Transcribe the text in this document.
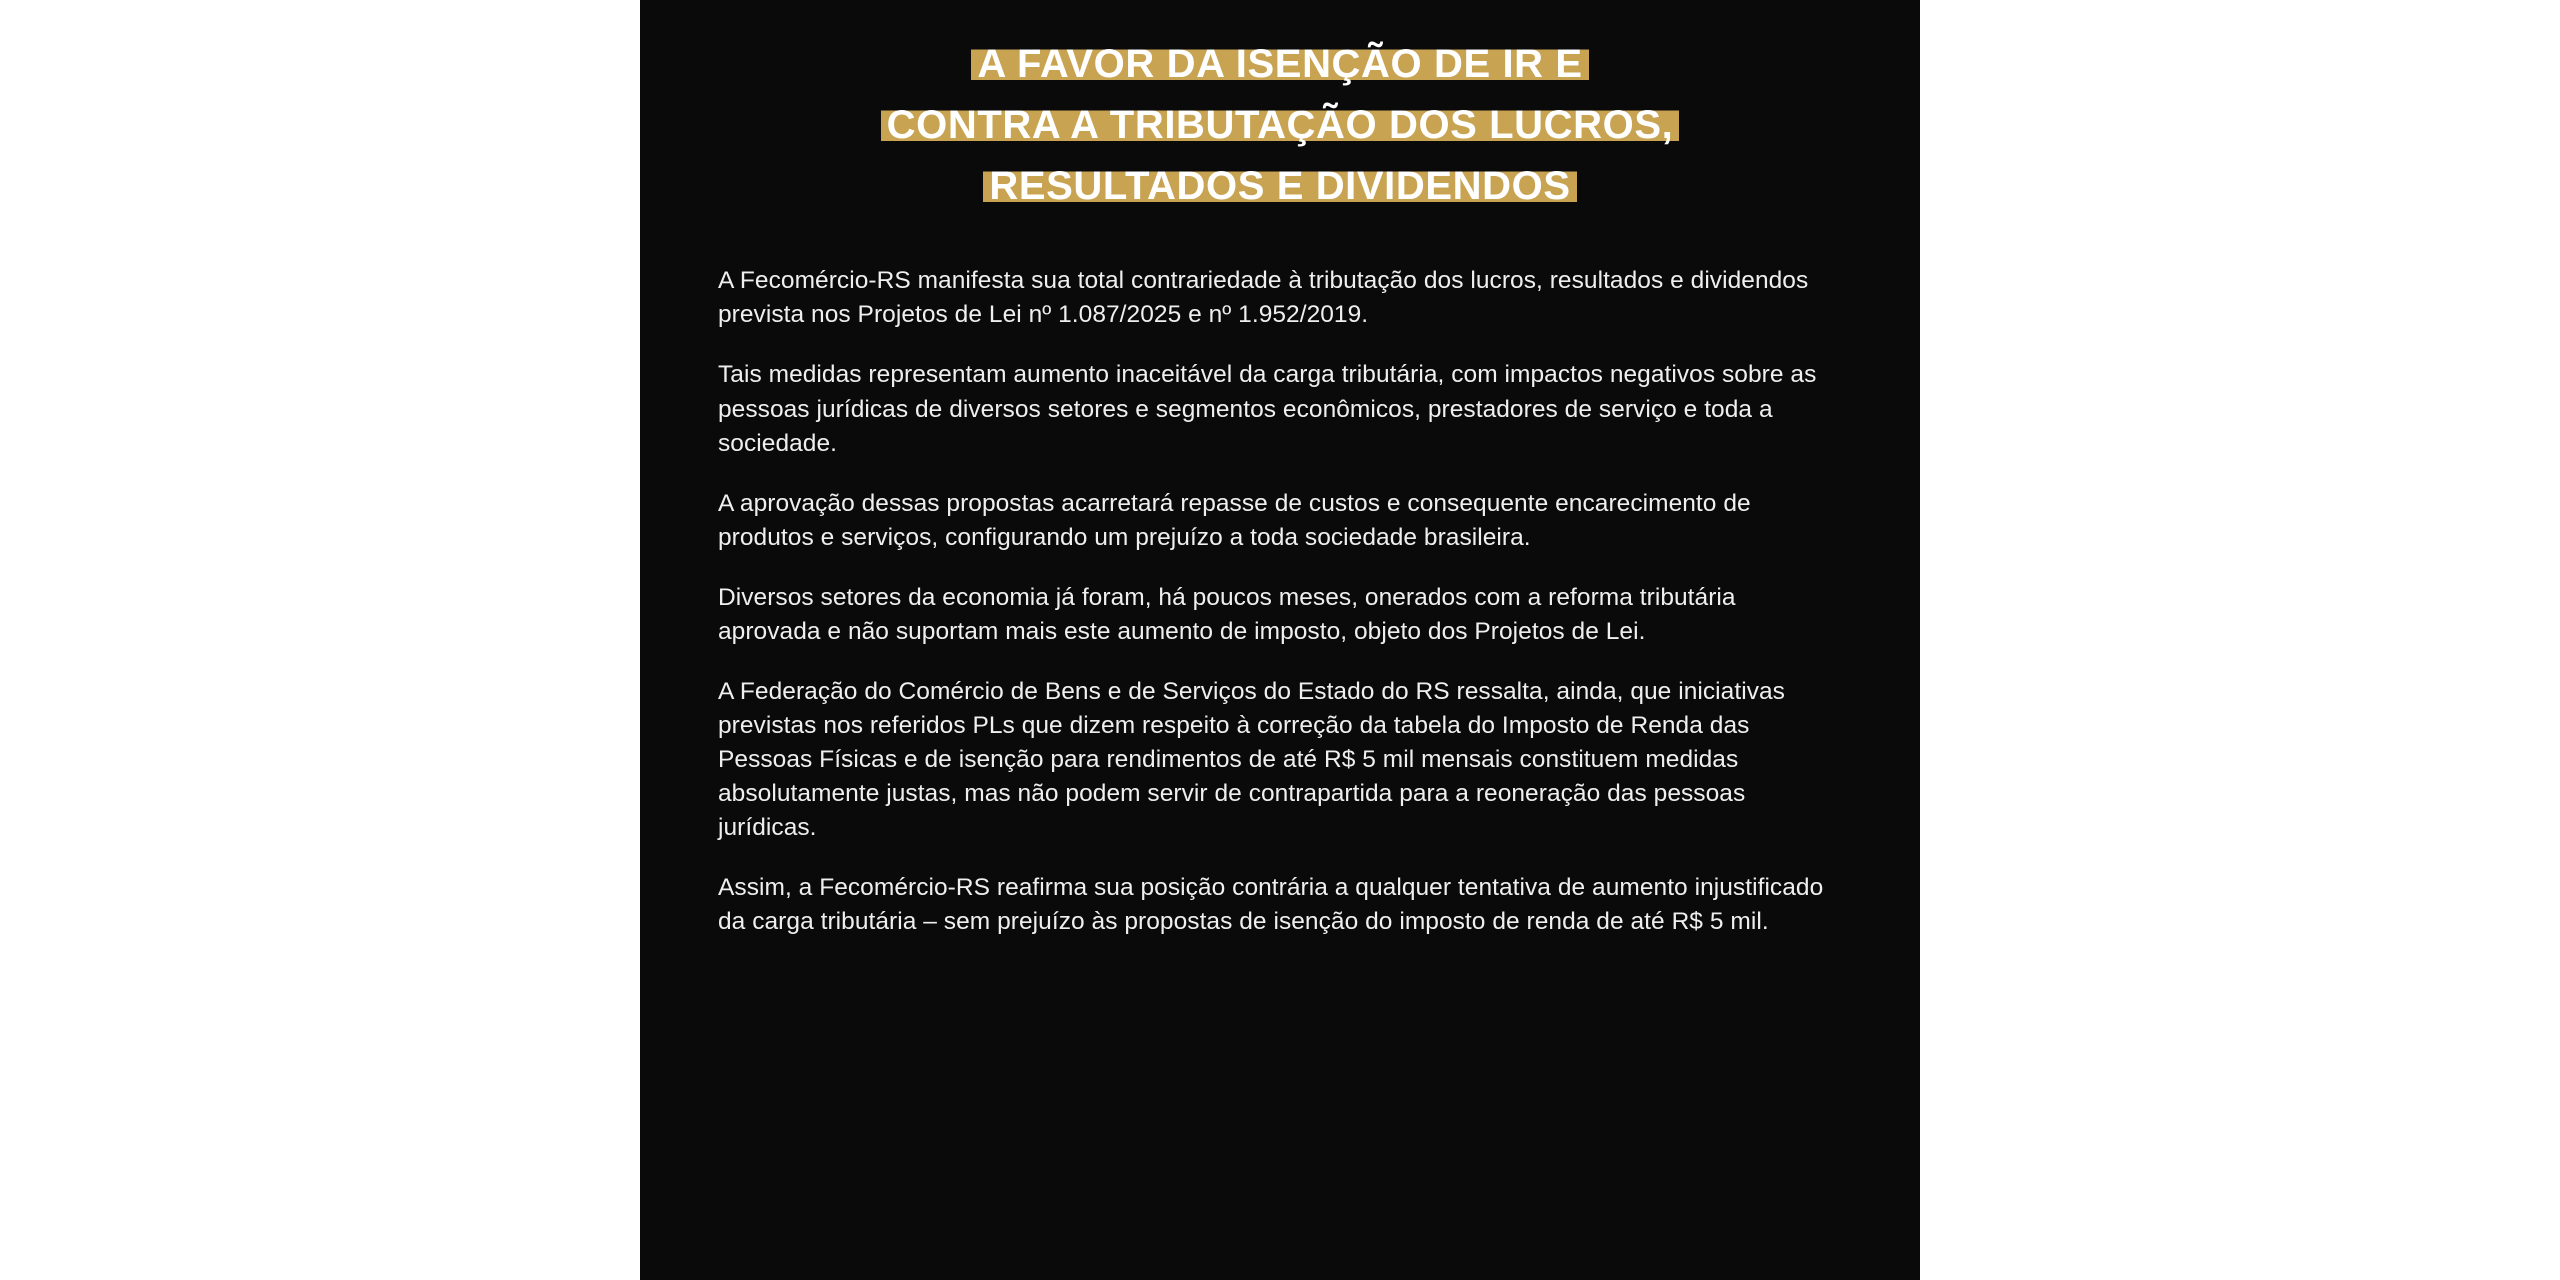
A FAVOR DA ISENÇÃO DE IR E
CONTRA A TRIBUTAÇÃO DOS LUCROS,
RESULTADOS E DIVIDENDOS

A Fecomércio-RS manifesta sua total contrariedade à tributação dos lucros, resultados e dividendos prevista nos Projetos de Lei nº 1.087/2025 e nº 1.952/2019.

Tais medidas representam aumento inaceitável da carga tributária, com impactos negativos sobre as pessoas jurídicas de diversos setores e segmentos econômicos, prestadores de serviço e toda a sociedade.

A aprovação dessas propostas acarretará repasse de custos e consequente encarecimento de produtos e serviços, configurando um prejuízo a toda sociedade brasileira.

Diversos setores da economia já foram, há poucos meses, onerados com a reforma tributária aprovada e não suportam mais este aumento de imposto, objeto dos Projetos de Lei.

A Federação do Comércio de Bens e de Serviços do Estado do RS ressalta, ainda, que iniciativas previstas nos referidos PLs que dizem respeito à correção da tabela do Imposto de Renda das Pessoas Físicas e de isenção para rendimentos de até R$ 5 mil mensais constituem medidas absolutamente justas, mas não podem servir de contrapartida para a reoneração das pessoas jurídicas.

Assim, a Fecomércio-RS reafirma sua posição contrária a qualquer tentativa de aumento injustificado da carga tributária – sem prejuízo às propostas de isenção do imposto de renda de até R$ 5 mil.
